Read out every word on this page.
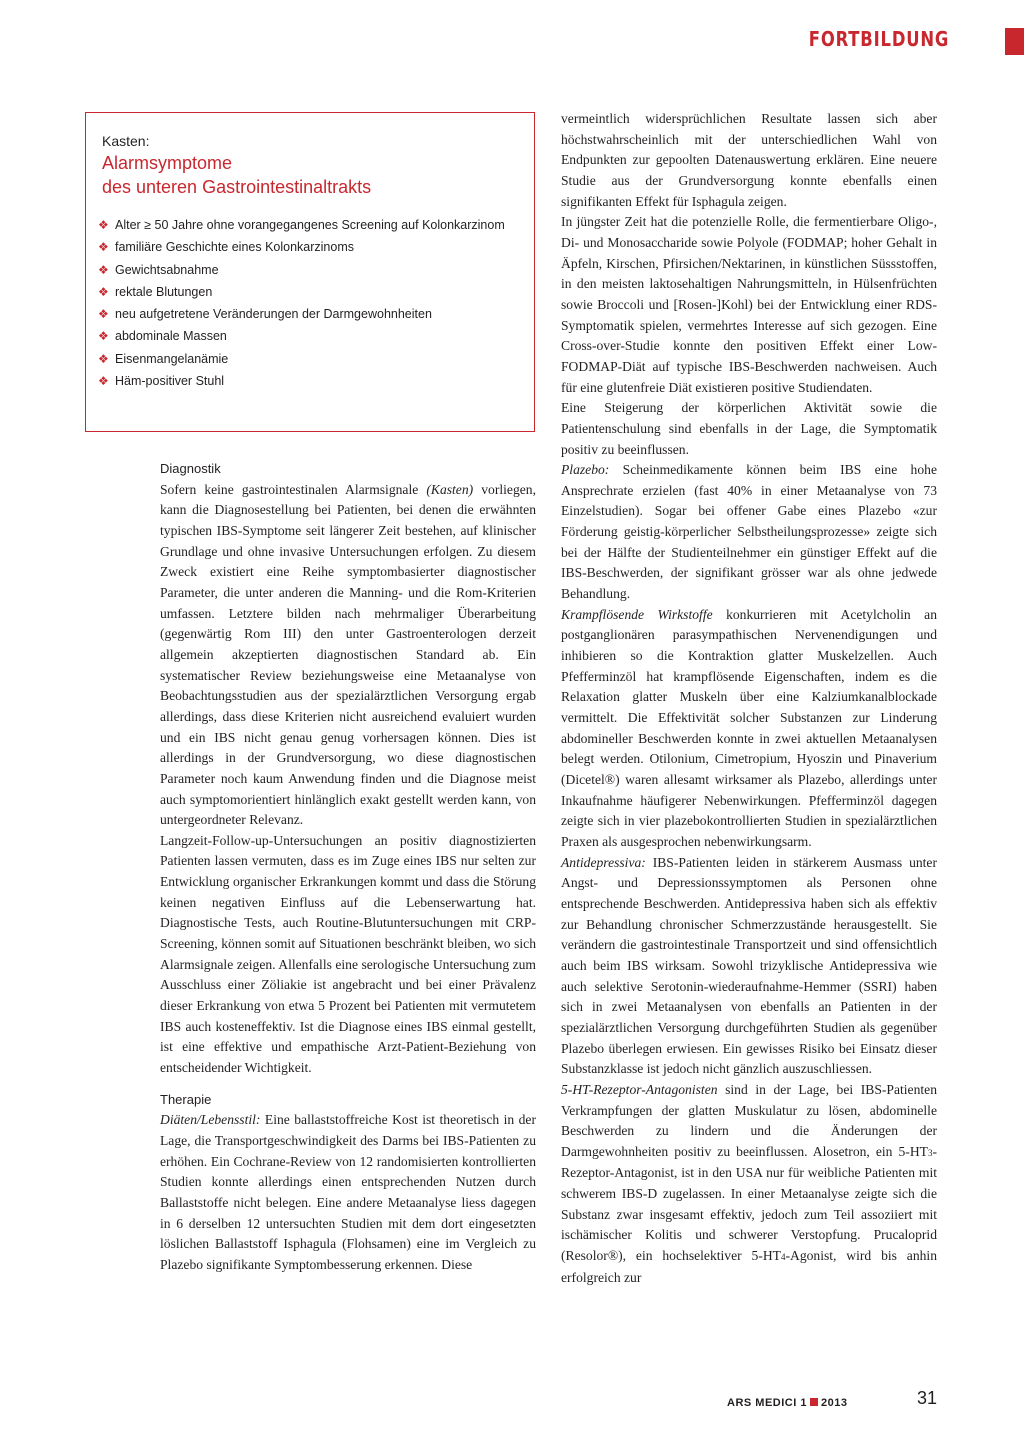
FORTBILDUNG
Kasten:
Alarmsymptome
des unteren Gastrointestinaltrakts
❖ Alter ≥ 50 Jahre ohne vorangegangenes Screening auf Kolonkarzinom
❖ familiäre Geschichte eines Kolonkarzinoms
❖ Gewichtsabnahme
❖ rektale Blutungen
❖ neu aufgetretene Veränderungen der Darmgewohnheiten
❖ abdominale Massen
❖ Eisenmangelanämie
❖ Häm-positiver Stuhl
Diagnostik

Sofern keine gastrointestinalen Alarmsignale (Kasten) vorliegen, kann die Diagnosestellung bei Patienten, bei denen die erwähnten typischen IBS-Symptome seit längerer Zeit bestehen, auf klinischer Grundlage und ohne invasive Untersuchungen erfolgen. Zu diesem Zweck existiert eine Reihe symptombasierter diagnostischer Parameter, die unter anderen die Manning- und die Rom-Kriterien umfassen. Letztere bilden nach mehrmaliger Überarbeitung (gegenwärtig Rom III) den unter Gastroenterologen derzeit allgemein akzeptierten diagnostischen Standard ab. Ein systematischer Review beziehungsweise eine Metaanalyse von Beobachtungsstudien aus der spezialärztlichen Versorgung ergab allerdings, dass diese Kriterien nicht ausreichend evaluiert wurden und ein IBS nicht genau genug vorhersagen können. Dies ist allerdings in der Grundversorgung, wo diese diagnostischen Parameter noch kaum Anwendung finden und die Diagnose meist auch symptomorientiert hinlänglich exakt gestellt werden kann, von untergeordneter Relevanz.

Langzeit-Follow-up-Untersuchungen an positiv diagnostizierten Patienten lassen vermuten, dass es im Zuge eines IBS nur selten zur Entwicklung organischer Erkrankungen kommt und dass die Störung keinen negativen Einfluss auf die Lebenserwartung hat. Diagnostische Tests, auch Routine-Blutuntersuchungen mit CRP-Screening, können somit auf Situationen beschränkt bleiben, wo sich Alarmsignale zeigen. Allenfalls eine serologische Untersuchung zum Ausschluss einer Zöliakie ist angebracht und bei einer Prävalenz dieser Erkrankung von etwa 5 Prozent bei Patienten mit vermutetem IBS auch kosteneffektiv. Ist die Diagnose eines IBS einmal gestellt, ist eine effektive und empathische Arzt-Patient-Beziehung von entscheidender Wichtigkeit.

Therapie

Diäten/Lebensstil: Eine ballaststoffreiche Kost ist theoretisch in der Lage, die Transportgeschwindigkeit des Darms bei IBS-Patienten zu erhöhen. Ein Cochrane-Review von 12 randomisierten kontrollierten Studien konnte allerdings einen entsprechenden Nutzen durch Ballaststoffe nicht belegen. Eine andere Metaanalyse liess dagegen in 6 derselben 12 untersuchten Studien mit dem dort eingesetzten löslichen Ballaststoff Isphagula (Flohsamen) eine im Vergleich zu Plazebo signifikante Symptombesserung erkennen. Diese

vermeintlich widersprüchlichen Resultate lassen sich aber höchstwahrscheinlich mit der unterschiedlichen Wahl von Endpunkten zur gepoolten Datenauswertung erklären. Eine neuere Studie aus der Grundversorgung konnte ebenfalls einen signifikanten Effekt für Isphagula zeigen.

In jüngster Zeit hat die potenzielle Rolle, die fermentierbare Oligo-, Di- und Monosaccharide sowie Polyole (FODMAP; hoher Gehalt in Äpfeln, Kirschen, Pfirsichen/Nektarinen, in künstlichen Süssstoffen, in den meisten laktosehaltigen Nahrungsmitteln, in Hülsenfrüchten sowie Broccoli und [Rosen-]Kohl) bei der Entwicklung einer RDS-Symptomatik spielen, vermehrtes Interesse auf sich gezogen. Eine Cross-over-Studie konnte den positiven Effekt einer Low-FODMAP-Diät auf typische IBS-Beschwerden nachweisen. Auch für eine glutenfreie Diät existieren positive Studiendaten.

Eine Steigerung der körperlichen Aktivität sowie die Patientenschulung sind ebenfalls in der Lage, die Symptomatik positiv zu beeinflussen.

Plazebo: Scheinmedikamente können beim IBS eine hohe Ansprechrate erzielen (fast 40% in einer Metaanalyse von 73 Einzelstudien). Sogar bei offener Gabe eines Plazebo «zur Förderung geistig-körperlicher Selbstheilungsprozesse» zeigte sich bei der Hälfte der Studienteilnehmer ein günstiger Effekt auf die IBS-Beschwerden, der signifikant grösser war als ohne jedwede Behandlung.

Krampflösende Wirkstoffe konkurrieren mit Acetylcholin an postganglionären parasympathischen Nervenendigungen und inhibieren so die Kontraktion glatter Muskelzellen. Auch Pfefferminzöl hat krampflösende Eigenschaften, indem es die Relaxation glatter Muskeln über eine Kalziumkanalblockade vermittelt. Die Effektivität solcher Substanzen zur Linderung abdomineller Beschwerden konnte in zwei aktuellen Metaanalysen belegt werden. Otilonium, Cimetropium, Hyoszin und Pinaverium (Dicetel®) waren allesamt wirksamer als Plazebo, allerdings unter Inkaufnahme häufigerer Nebenwirkungen. Pfefferminzöl dagegen zeigte sich in vier plazebokontrollierten Studien in spezialärztlichen Praxen als ausgesprochen nebenwirkungsarm.

Antidepressiva: IBS-Patienten leiden in stärkerem Ausmass unter Angst- und Depressionssymptomen als Personen ohne entsprechende Beschwerden. Antidepressiva haben sich als effektiv zur Behandlung chronischer Schmerzzustände herausgestellt. Sie verändern die gastrointestinale Transportzeit und sind offensichtlich auch beim IBS wirksam. Sowohl trizyklische Antidepressiva wie auch selektive Serotonin-wiederaufnahme-Hemmer (SSRI) haben sich in zwei Metaanalysen von ebenfalls an Patienten in der spezialärztlichen Versorgung durchgeführten Studien als gegenüber Plazebo überlegen erwiesen. Ein gewisses Risiko bei Einsatz dieser Substanzklasse ist jedoch nicht gänzlich auszuschliessen.

5-HT-Rezeptor-Antagonisten sind in der Lage, bei IBS-Patienten Verkrampfungen der glatten Muskulatur zu lösen, abdominelle Beschwerden zu lindern und die Änderungen der Darmgewohnheiten positiv zu beeinflussen. Alosetron, ein 5-HT3-Rezeptor-Antagonist, ist in den USA nur für weibliche Patienten mit schwerem IBS-D zugelassen. In einer Metaanalyse zeigte sich die Substanz zwar insgesamt effektiv, jedoch zum Teil assoziiert mit ischämischer Kolitis und schwerer Verstopfung. Prucaloprid (Resolor®), ein hochselektiver 5-HT4-Agonist, wird bis anhin erfolgreich zur

ARS MEDICI 1 2013	31
